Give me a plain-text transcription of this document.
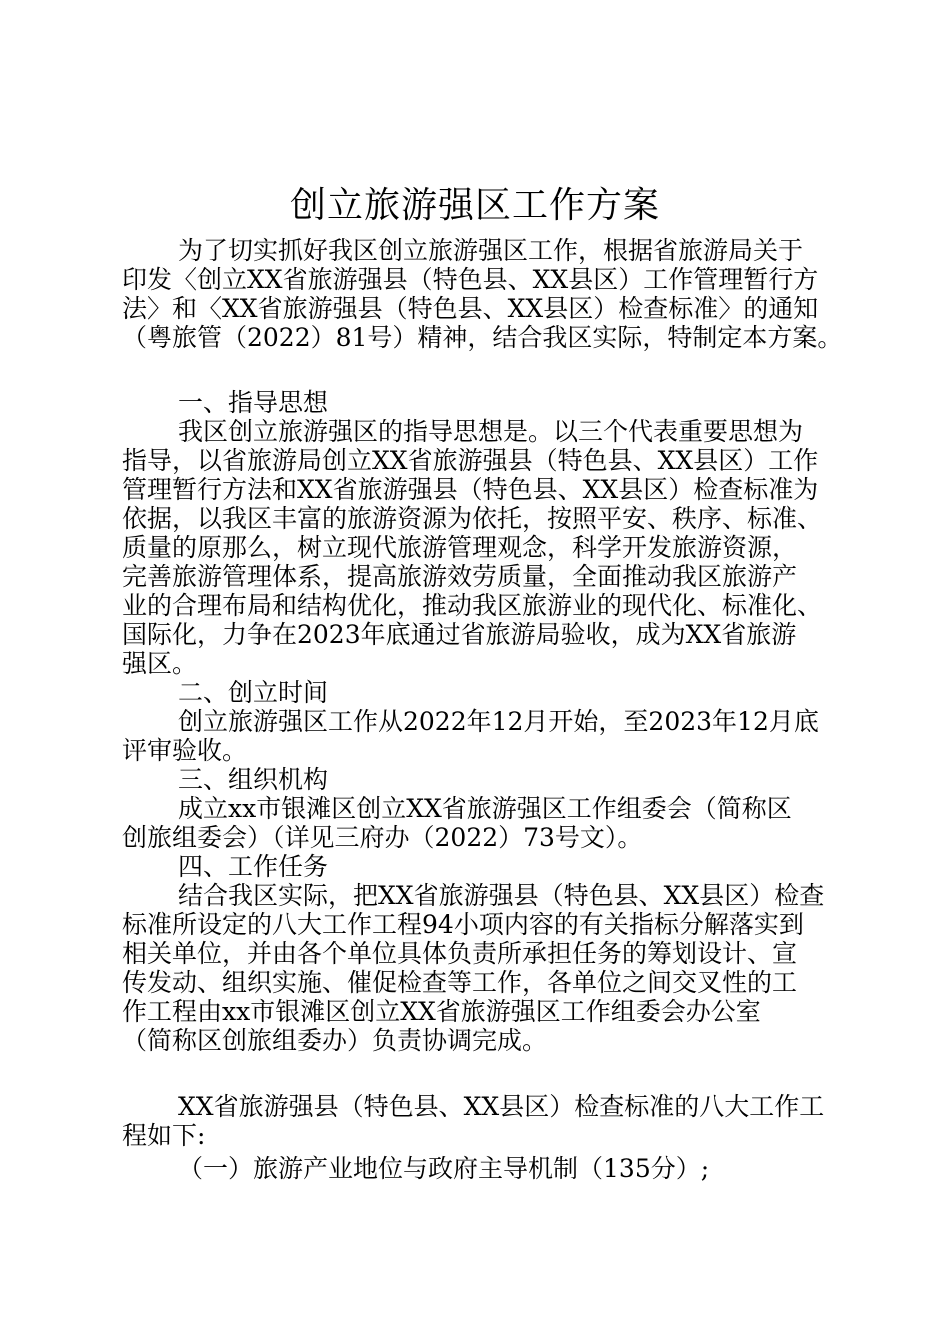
创立旅游强区工作方案
为了切实抓好我区创立旅游强区工作，根据省旅游局关于
印发〈创立XX省旅游强县（特色县、XX县区）工作管理暂行方
法〉和〈XX省旅游强县（特色县、XX县区）检查标准〉的通知
（粤旅管（2022）81号）精神，结合我区实际，特制定本方案。
一、指导思想
我区创立旅游强区的指导思想是。以三个代表重要思想为
指导，以省旅游局创立XX省旅游强县（特色县、XX县区）工作
管理暂行方法和XX省旅游强县（特色县、XX县区）检查标准为
依据，以我区丰富的旅游资源为依托，按照平安、秩序、标准、
质量的原那么，树立现代旅游管理观念，科学开发旅游资源，
完善旅游管理体系，提高旅游效劳质量，全面推动我区旅游产
业的合理布局和结构优化，推动我区旅游业的现代化、标准化、
国际化，力争在2023年底通过省旅游局验收，成为XX省旅游
强区。
二、创立时间
创立旅游强区工作从2022年12月开始，至2023年12月底
评审验收。
三、组织机构
成立xx市银滩区创立XX省旅游强区工作组委会（简称区
创旅组委会）（详见三府办（2022）73号文）。
四、工作任务
结合我区实际，把XX省旅游强县（特色县、XX县区）检查
标准所设定的八大工作工程94小项内容的有关指标分解落实到
相关单位，并由各个单位具体负责所承担任务的筹划设计、宣
传发动、组织实施、催促检查等工作，各单位之间交叉性的工
作工程由xx市银滩区创立XX省旅游强区工作组委会办公室
（简称区创旅组委办）负责协调完成。
XX省旅游强县（特色县、XX县区）检查标准的八大工作工
程如下:
（一）旅游产业地位与政府主导机制（135分）;
